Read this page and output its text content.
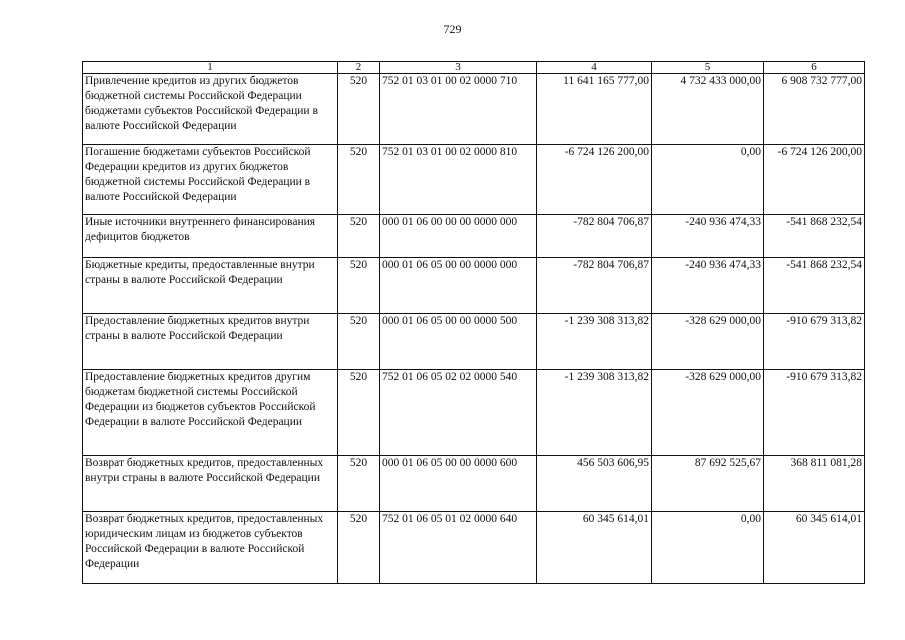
729
1	2	3	4	5	6
Привлечение кредитов из других бюджетов бюджетной системы Российской Федерации бюджетами субъектов Российской Федерации в валюте Российской Федерации	520	752 01 03 01 00 02 0000 710	11 641 165 777,00	4 732 433 000,00	6 908 732 777,00
Погашение бюджетами субъектов Российской Федерации кредитов из других бюджетов бюджетной системы Российской Федерации в валюте Российской Федерации	520	752 01 03 01 00 02 0000 810	-6 724 126 200,00	0,00	-6 724 126 200,00
Иные источники внутреннего финансирования дефицитов бюджетов	520	000 01 06 00 00 00 0000 000	-782 804 706,87	-240 936 474,33	-541 868 232,54
Бюджетные кредиты, предоставленные внутри страны в валюте Российской Федерации	520	000 01 06 05 00 00 0000 000	-782 804 706,87	-240 936 474,33	-541 868 232,54
Предоставление бюджетных кредитов внутри страны в валюте Российской Федерации	520	000 01 06 05 00 00 0000 500	-1 239 308 313,82	-328 629 000,00	-910 679 313,82
Предоставление бюджетных кредитов другим бюджетам бюджетной системы Российской Федерации из бюджетов субъектов Российской Федерации в валюте Российской Федерации	520	752 01 06 05 02 02 0000 540	-1 239 308 313,82	-328 629 000,00	-910 679 313,82
Возврат бюджетных кредитов, предоставленных внутри страны в валюте Российской Федерации	520	000 01 06 05 00 00 0000 600	456 503 606,95	87 692 525,67	368 811 081,28
Возврат бюджетных кредитов, предоставленных юридическим лицам из бюджетов субъектов Российской Федерации в валюте Российской Федерации	520	752 01 06 05 01 02 0000 640	60 345 614,01	0,00	60 345 614,01
